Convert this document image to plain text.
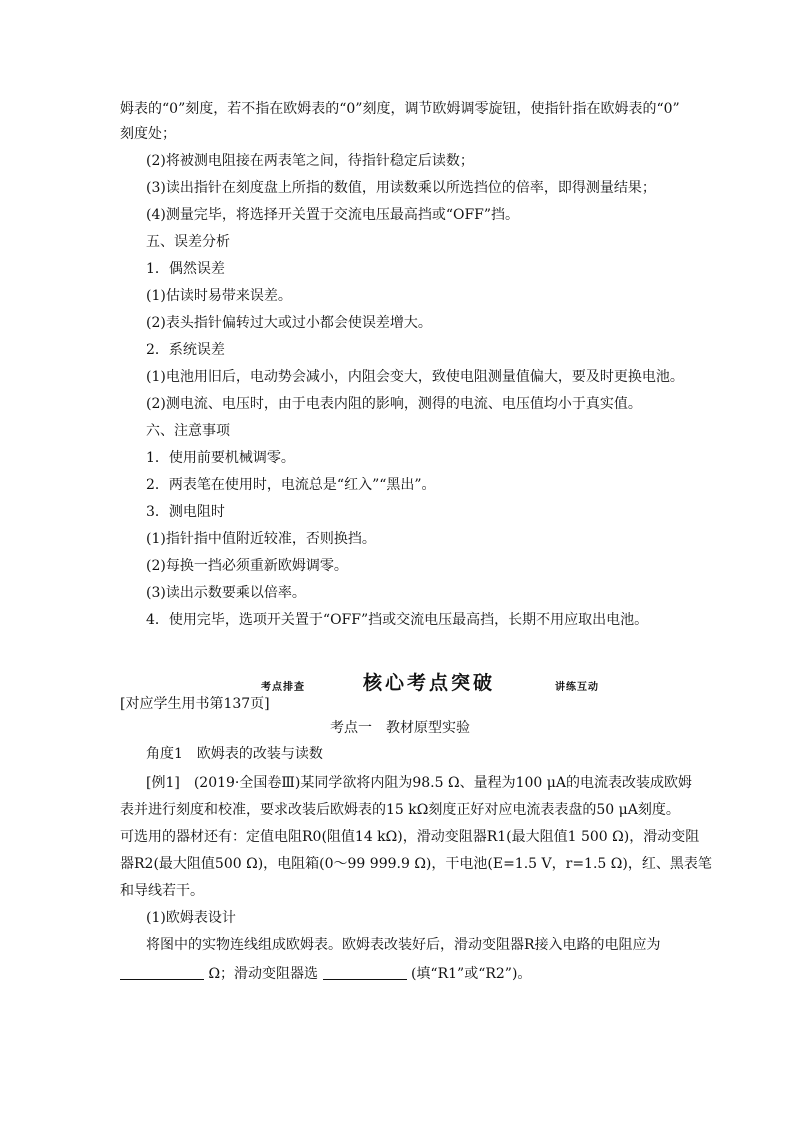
姆表的“0”刻度，若不指在欧姆表的“0”刻度，调节欧姆调零旋钮，使指针指在欧姆表的“0”
刻度处；
(2)将被测电阻接在两表笔之间，待指针稳定后读数；
(3)读出指针在刻度盘上所指的数值，用读数乘以所选挡位的倍率，即得测量结果；
(4)测量完毕，将选择开关置于交流电压最高挡或“OFF”挡。
五、误差分析
1．偶然误差
(1)估读时易带来误差。
(2)表头指针偏转过大或过小都会使误差增大。
2．系统误差
(1)电池用旧后，电动势会减小，内阻会变大，致使电阻测量值偏大，要及时更换电池。
(2)测电流、电压时，由于电表内阻的影响，测得的电流、电压值均小于真实值。
六、注意事项
1．使用前要机械调零。
2．两表笔在使用时，电流总是“红入”“黑出”。
3．测电阻时
(1)指针指中值附近较准，否则换挡。
(2)每换一挡必须重新欧姆调零。
(3)读出示数要乘以倍率。
4．使用完毕，选项开关置于“OFF”挡或交流电压最高挡，长期不用应取出电池。
考点排查	核心考点突破	讲练互动
[对应学生用书第137页]
考点一　教材原型实验
角度1　欧姆表的改装与读数
[例1]　(2019·全国卷Ⅲ)某同学欲将内阻为98.5 Ω、量程为100 μA的电流表改装成欧姆
表并进行刻度和校准，要求改装后欧姆表的15 kΩ刻度正好对应电流表表盘的50 μA刻度。
可选用的器材还有：定值电阻R0(阻值14 kΩ)，滑动变阻器R1(最大阻值1 500 Ω)，滑动变阻
器R2(最大阻值500 Ω)，电阻箱(0～99 999.9 Ω)，干电池(E=1.5 V，r=1.5 Ω)，红、黑表笔
和导线若干。
(1)欧姆表设计
将图中的实物连线组成欧姆表。欧姆表改装好后，滑动变阻器R接入电路的电阻应为
Ω；滑动变阻器选	(填“R1”或“R2”)。
